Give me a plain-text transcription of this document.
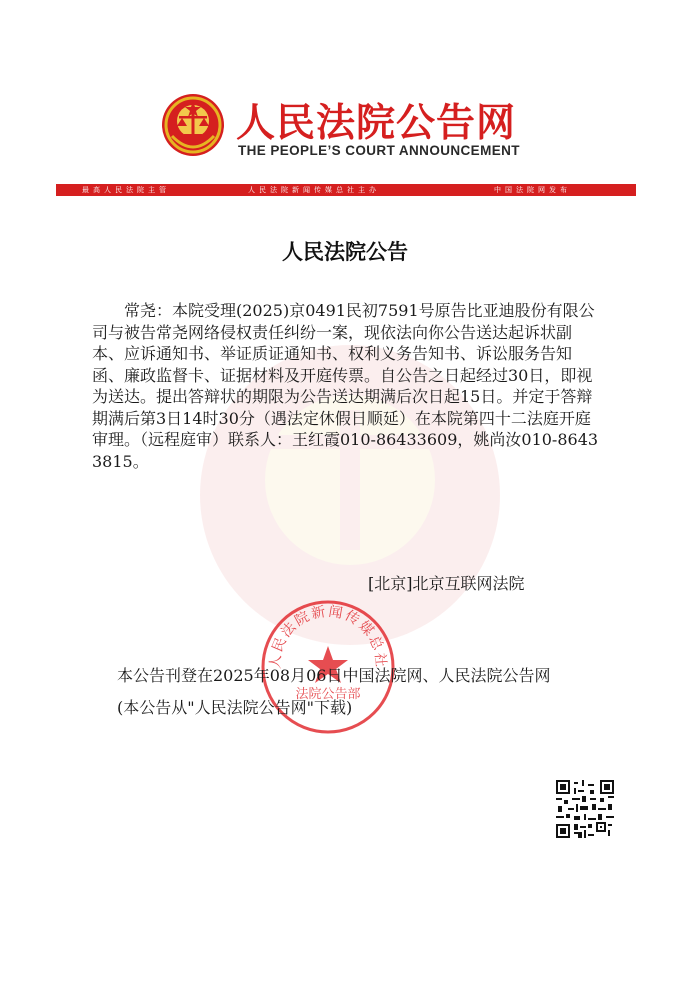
人民法院公告网
THE PEOPLE’S COURT ANNOUNCEMENT
最高人民法院主管	人民法院新闻传媒总社主办	中国法院网发布
人民法院公告

常尧：本院受理(2025)京0491民初7591号原告比亚迪股份有限公司与被告常尧网络侵权责任纠纷一案，现依法向你公告送达起诉状副本、应诉通知书、举证质证通知书、权利义务告知书、诉讼服务告知函、廉政监督卡、证据材料及开庭传票。自公告之日起经过30日，即视为送达。提出答辩状的期限为公告送达期满后次日起15日。并定于答辩期满后第3日14时30分（遇法定休假日顺延）在本院第四十二法庭开庭审理。（远程庭审）联系人：王红霞010-86433609，姚尚汝010-86433815。

[北京]北京互联网法院
人民法院新闻传媒总社
法院公告部
本公告刊登在2025年08月06日中国法院网、人民法院公告网
(本公告从"人民法院公告网"下载)
